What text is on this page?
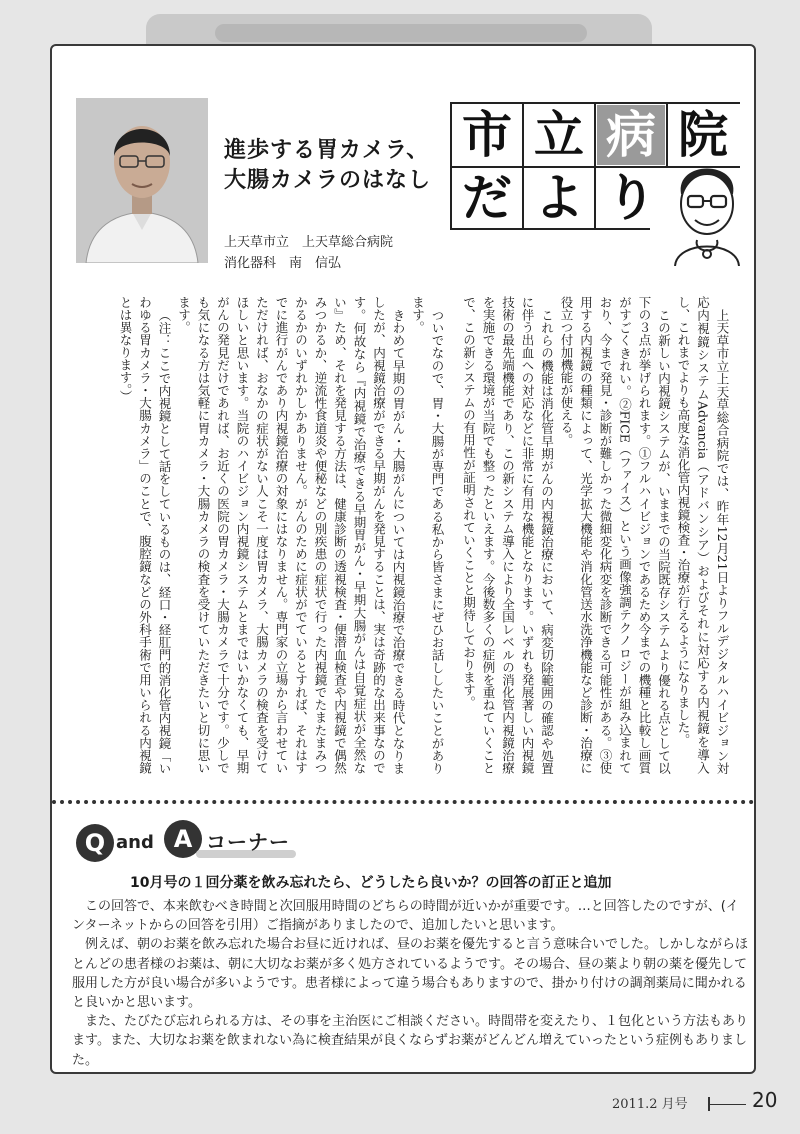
進歩する胃カメラ、
大腸カメラのはなし
上天草市立　上天草総合病院
消化器科　南　信弘
市 立 病 院
だ よ り

上天草市立上天草総合病院では、昨年12月21日よりフルデジタルハイビジョン対応内視鏡システムAdvancia（アドバンシア）およびそれに対応する内視鏡を導入し、これまでよりも高度な消化管内視鏡検査・治療が行えるようになりました。

この新しい内視鏡システムが、いままでの当院既存システムより優れる点として以下の３点が挙げられます。①フルハイビジョンであるため今までの機種と比較し画質がすごくきれい。②FICE（ファイス）という画像強調テクノロジーが組み込まれており、今まで発見・診断が難しかった微細変化病変を診断できる可能性がある。③使用する内視鏡の種類によって、光学拡大機能や消化管送水洗浄機能など診断・治療に役立つ付加機能が使える。

これらの機能は消化管早期がんの内視鏡治療において、病変切除範囲の確認や処置に伴う出血への対応などに非常に有用な機能となります。いずれも発展著しい内視鏡技術の最先端機能であり、この新システム導入により全国レベルの消化管内視鏡治療を実施できる環境が当院でも整ったといえます。今後数多くの症例を重ねていくことで、この新システムの有用性が証明されていくことと期待しております。

ついでなので、胃・大腸が専門である私から皆さまにぜひお話ししたいことがあります。

きわめて早期の胃がん・大腸がんについては内視鏡治療で治療できる時代となりましたが、内視鏡治療ができる早期がんを発見することは、実は奇跡的な出来事なのです。何故なら『内視鏡で治療できる早期胃がん・早期大腸がんは自覚症状が全然ない』ため、それを発見する方法は、健康診断の透視検査・便潜血検査や内視鏡で偶然みつかるか、逆流性食道炎や便秘などの別疾患の症状で行った内視鏡でたまたまみつかるかのいずれかしかありません。がんのために症状がでているとすれば、それはすでに進行がんであり内視鏡治療の対象にはなりません。専門家の立場から言わせていただければ、おなかの症状がない人こそ一度は胃カメラ、大腸カメラの検査を受けてほしいと思います。当院のハイビジョン内視鏡システムとまではいかなくても、早期がんの発見だけであれば、お近くの医院の胃カメラ・大腸カメラで十分です。少しでも気になる方は気軽に胃カメラ・大腸カメラの検査を受けていただきたいと切に思います。

（注：ここで内視鏡として話をしているものは、経口・経肛門的消化管内視鏡「いわゆる胃カメラ・大腸カメラ」のことで、腹腔鏡などの外科手術で用いられる内視鏡とは異なります。）

Q and A コーナー
10月号の１回分薬を飲み忘れたら、どうしたら良いか？の回答の訂正と追加

この回答で、本来飲むべき時間と次回服用時間のどちらの時間が近いかが重要です。…と回答したのですが、(インターネットからの回答を引用）ご指摘がありましたので、追加したいと思います。

例えば、朝のお薬を飲み忘れた場合お昼に近ければ、昼のお薬を優先すると言う意味合いでした。しかしながらほとんどの患者様のお薬は、朝に大切なお薬が多く処方されているようです。その場合、昼の薬より朝の薬を優先して服用した方が良い場合が多いようです。患者様によって違う場合もありますので、掛かり付けの調剤薬局に聞かれると良いかと思います。

また、たびたび忘れられる方は、その事を主治医にご相談ください。時間帯を変えたり、１包化という方法もあります。また、大切なお薬を飲まれない為に検査結果が良くならずお薬がどんどん増えていったという症例もありました。

2011.2 月号	20
